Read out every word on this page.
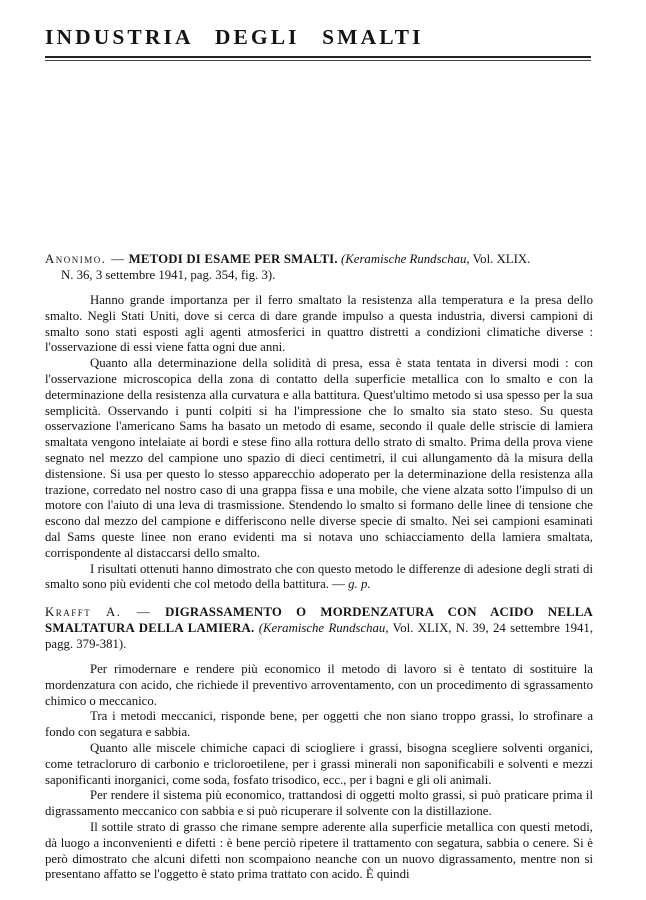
INDUSTRIA DEGLI SMALTI
Anonimo. — METODI DI ESAME PER SMALTI. (Keramische Rundschau, Vol. XLIX.
N. 36, 3 settembre 1941, pag. 354, fig. 3).

Hanno grande importanza per il ferro smaltato la resistenza alla temperatura e la presa dello smalto. Negli Stati Uniti, dove si cerca di dare grande impulso a questa industria, diversi campioni di smalto sono stati esposti agli agenti atmosferici in quattro distretti a condizioni climatiche diverse : l'osservazione di essi viene fatta ogni due anni.

Quanto alla determinazione della solidità di presa, essa è stata tentata in diversi modi : con l'osservazione microscopica della zona di contatto della superficie metallica con lo smalto e con la determinazione della resistenza alla curvatura e alla battitura. Quest'ultimo metodo si usa spesso per la sua semplicità. Osservando i punti colpiti si ha l'impressione che lo smalto sia stato steso. Su questa osservazione l'americano Sams ha basato un metodo di esame, secondo il quale delle striscie di lamiera smaltata vengono intelaiate ai bordi e stese fino alla rottura dello strato di smalto. Prima della prova viene segnato nel mezzo del campione uno spazio di dieci centimetri, il cui allungamento dà la misura della distensione. Si usa per questo lo stesso apparecchio adoperato per la determinazione della resistenza alla trazione, corredato nel nostro caso di una grappa fissa e una mobile, che viene alzata sotto l'impulso di un motore con l'aiuto di una leva di trasmissione. Stendendo lo smalto si formano delle linee di tensione che escono dal mezzo del campione e differiscono nelle diverse specie di smalto. Nei sei campioni esaminati dal Sams queste linee non erano evidenti ma si notava uno schiacciamento della lamiera smaltata, corrispondente al distaccarsi dello smalto.

I risultati ottenuti hanno dimostrato che con questo metodo le differenze di adesione degli strati di smalto sono più evidenti che col metodo della battitura. — g. p.

Krafft A. — DIGRASSAMENTO O MORDENZATURA CON ACIDO NELLA SMALTATURA DELLA LAMIERA. (Keramische Rundschau, Vol. XLIX, N. 39, 24 settembre 1941, pagg. 379-381).

Per rimodernare e rendere più economico il metodo di lavoro si è tentato di sostituire la mordenzatura con acido, che richiede il preventivo arroventamento, con un procedimento di sgrassamento chimico o meccanico.

Tra i metodi meccanici, risponde bene, per oggetti che non siano troppo grassi, lo strofinare a fondo con segatura e sabbia.

Quanto alle miscele chimiche capaci di sciogliere i grassi, bisogna scegliere solventi organici, come tetracloruro di carbonio e tricloroetilene, per i grassi minerali non saponificabili e solventi e mezzi saponificanti inorganici, come soda, fosfato trisodico, ecc., per i bagni e gli oli animali.

Per rendere il sistema più economico, trattandosi di oggetti molto grassi, si può praticare prima il digrassamento meccanico con sabbia e si può ricuperare il solvente con la distillazione.

Il sottile strato di grasso che rimane sempre aderente alla superficie metallica con questi metodi, dà luogo a inconvenienti e difetti : è bene perciò ripetere il trattamento con segatura, sabbia o cenere. Si è però dimostrato che alcuni difetti non scompaiono neanche con un nuovo digrassamento, mentre non si presentano affatto se l'oggetto è stato prima trattato con acido. È quindi
